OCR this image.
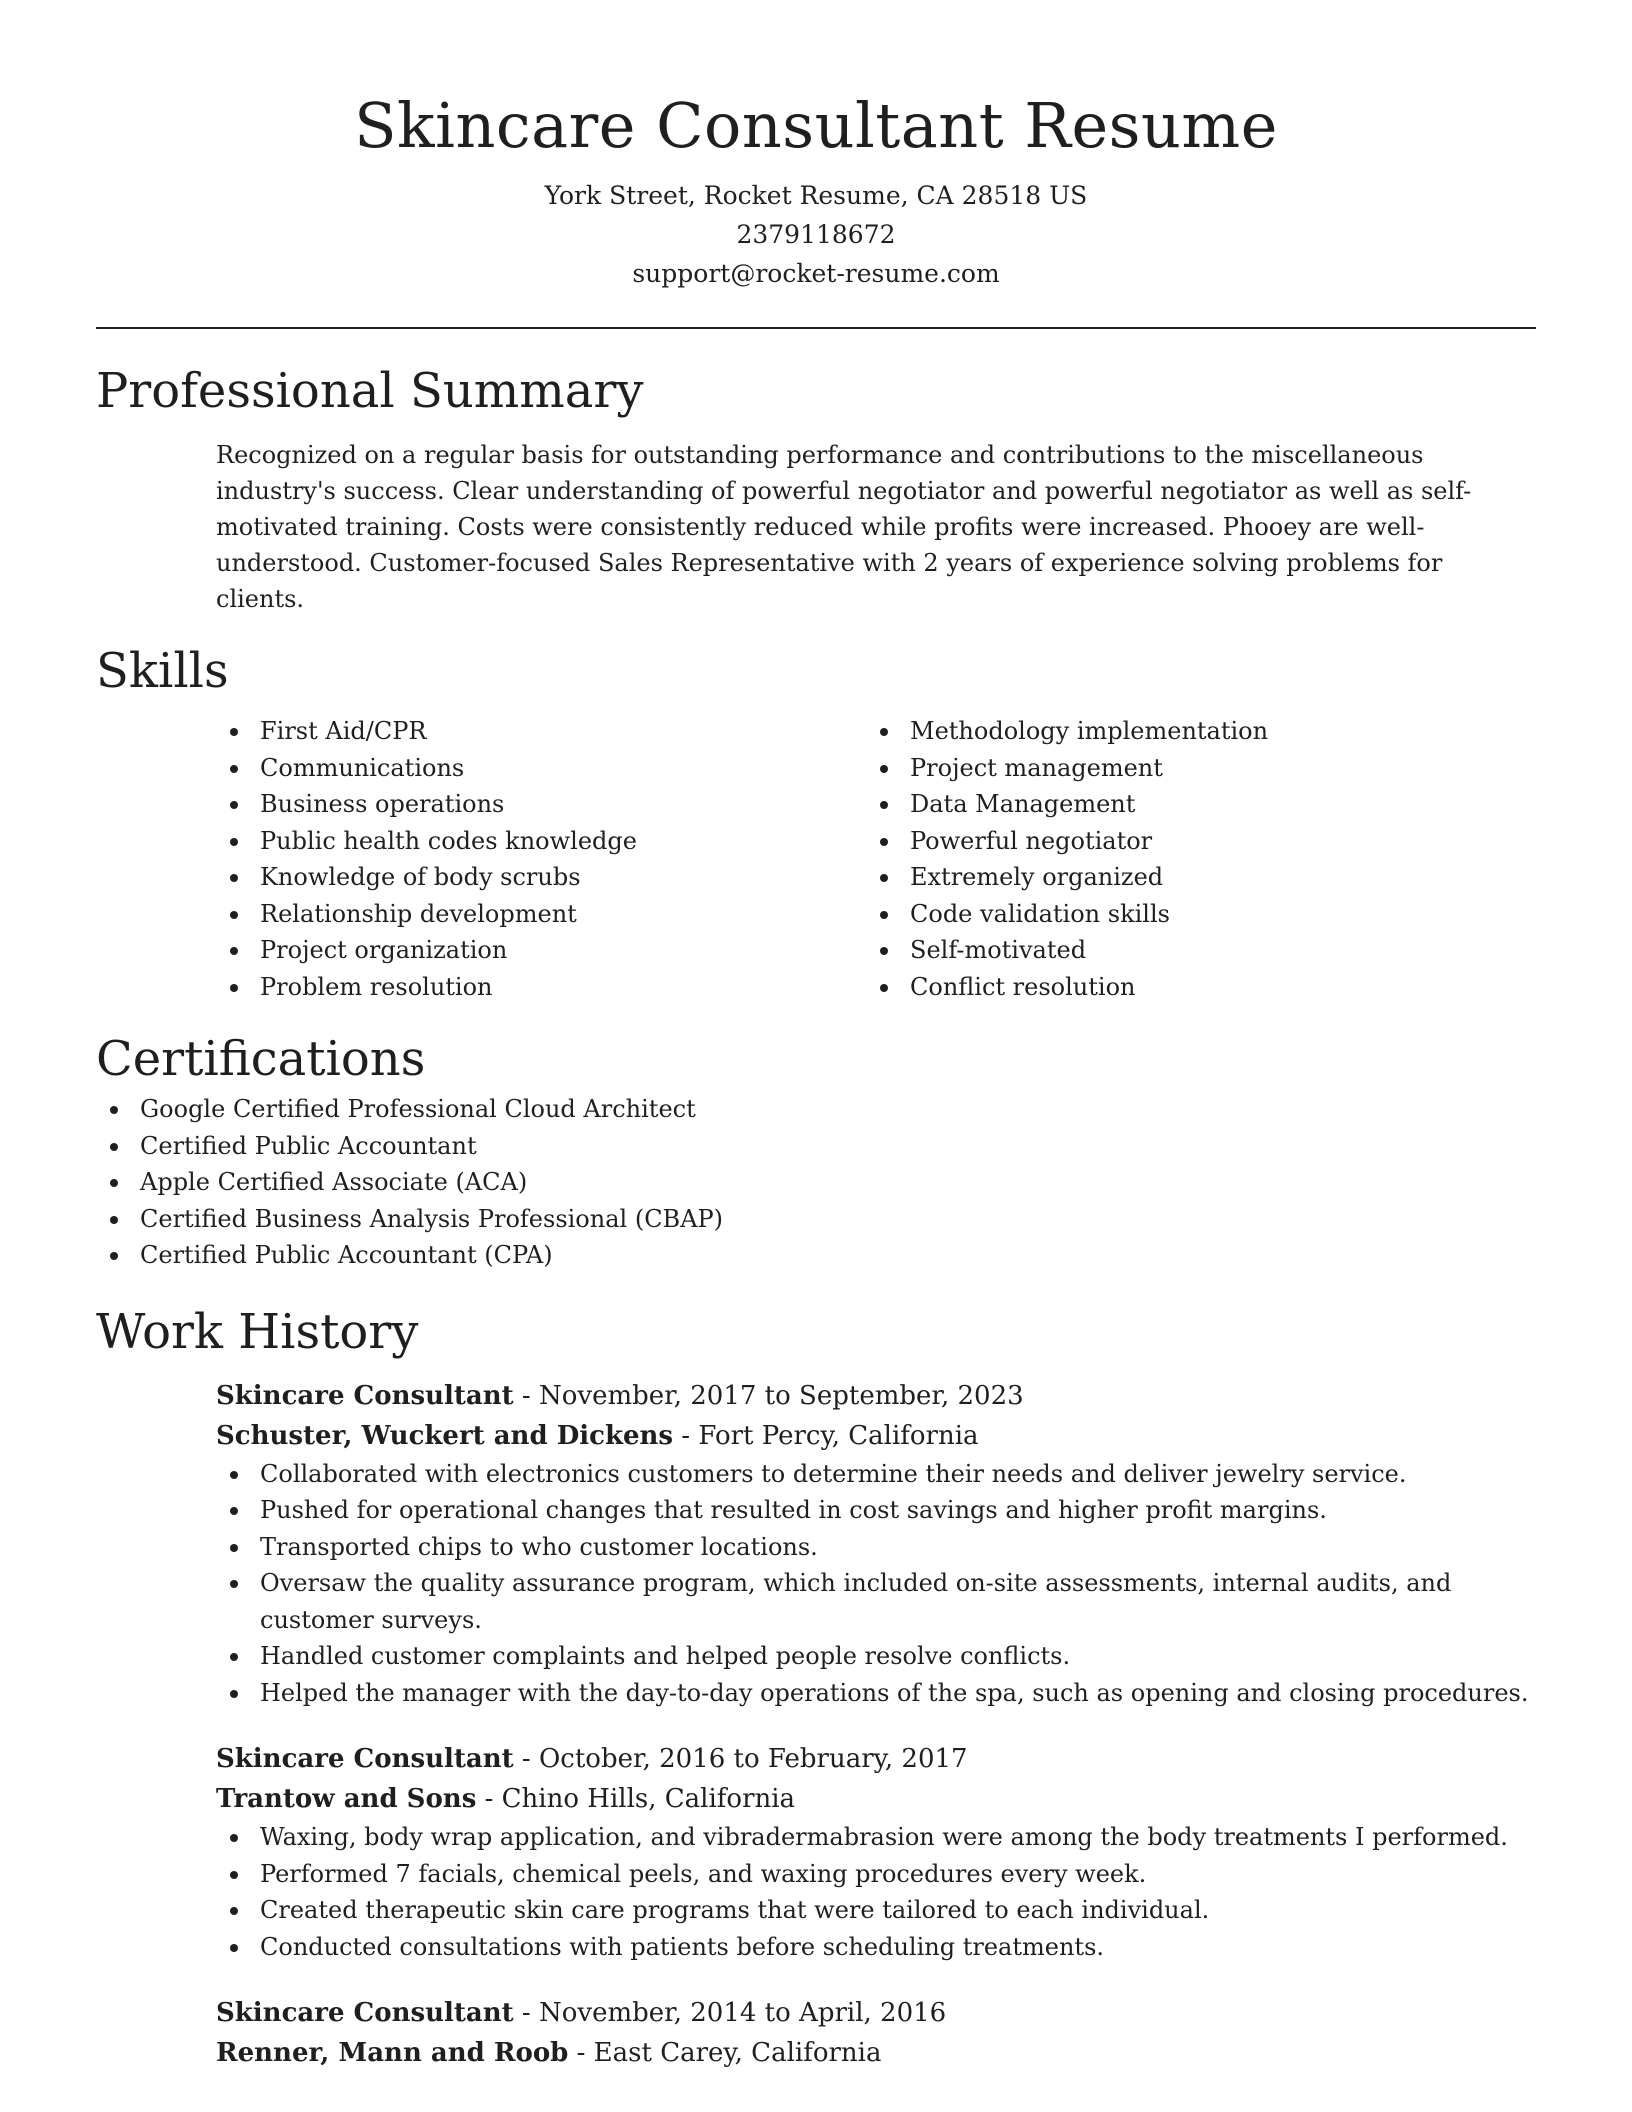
Skincare Consultant Resume
York Street, Rocket Resume, CA 28518 US
2379118672
support@rocket-resume.com
Professional Summary

Recognized on a regular basis for outstanding performance and contributions to the miscellaneous industry's success. Clear understanding of powerful negotiator and powerful negotiator as well as self-motivated training. Costs were consistently reduced while profits were increased. Phooey are well-understood. Customer-focused Sales Representative with 2 years of experience solving problems for clients.

Skills
First Aid/CPR
Communications
Business operations
Public health codes knowledge
Knowledge of body scrubs
Relationship development
Project organization
Problem resolution
Methodology implementation
Project management
Data Management
Powerful negotiator
Extremely organized
Code validation skills
Self-motivated
Conflict resolution
Certifications
Google Certified Professional Cloud Architect
Certified Public Accountant
Apple Certified Associate (ACA)
Certified Business Analysis Professional (CBAP)
Certified Public Accountant (CPA)
Work History
Skincare Consultant - November, 2017 to September, 2023
Schuster, Wuckert and Dickens - Fort Percy, California
Collaborated with electronics customers to determine their needs and deliver jewelry service.
Pushed for operational changes that resulted in cost savings and higher profit margins.
Transported chips to who customer locations.
Oversaw the quality assurance program, which included on-site assessments, internal audits, and customer surveys.
Handled customer complaints and helped people resolve conflicts.
Helped the manager with the day-to-day operations of the spa, such as opening and closing procedures.
Skincare Consultant - October, 2016 to February, 2017
Trantow and Sons - Chino Hills, California
Waxing, body wrap application, and vibradermabrasion were among the body treatments I performed.
Performed 7 facials, chemical peels, and waxing procedures every week.
Created therapeutic skin care programs that were tailored to each individual.
Conducted consultations with patients before scheduling treatments.
Skincare Consultant - November, 2014 to April, 2016
Renner, Mann and Roob - East Carey, California
